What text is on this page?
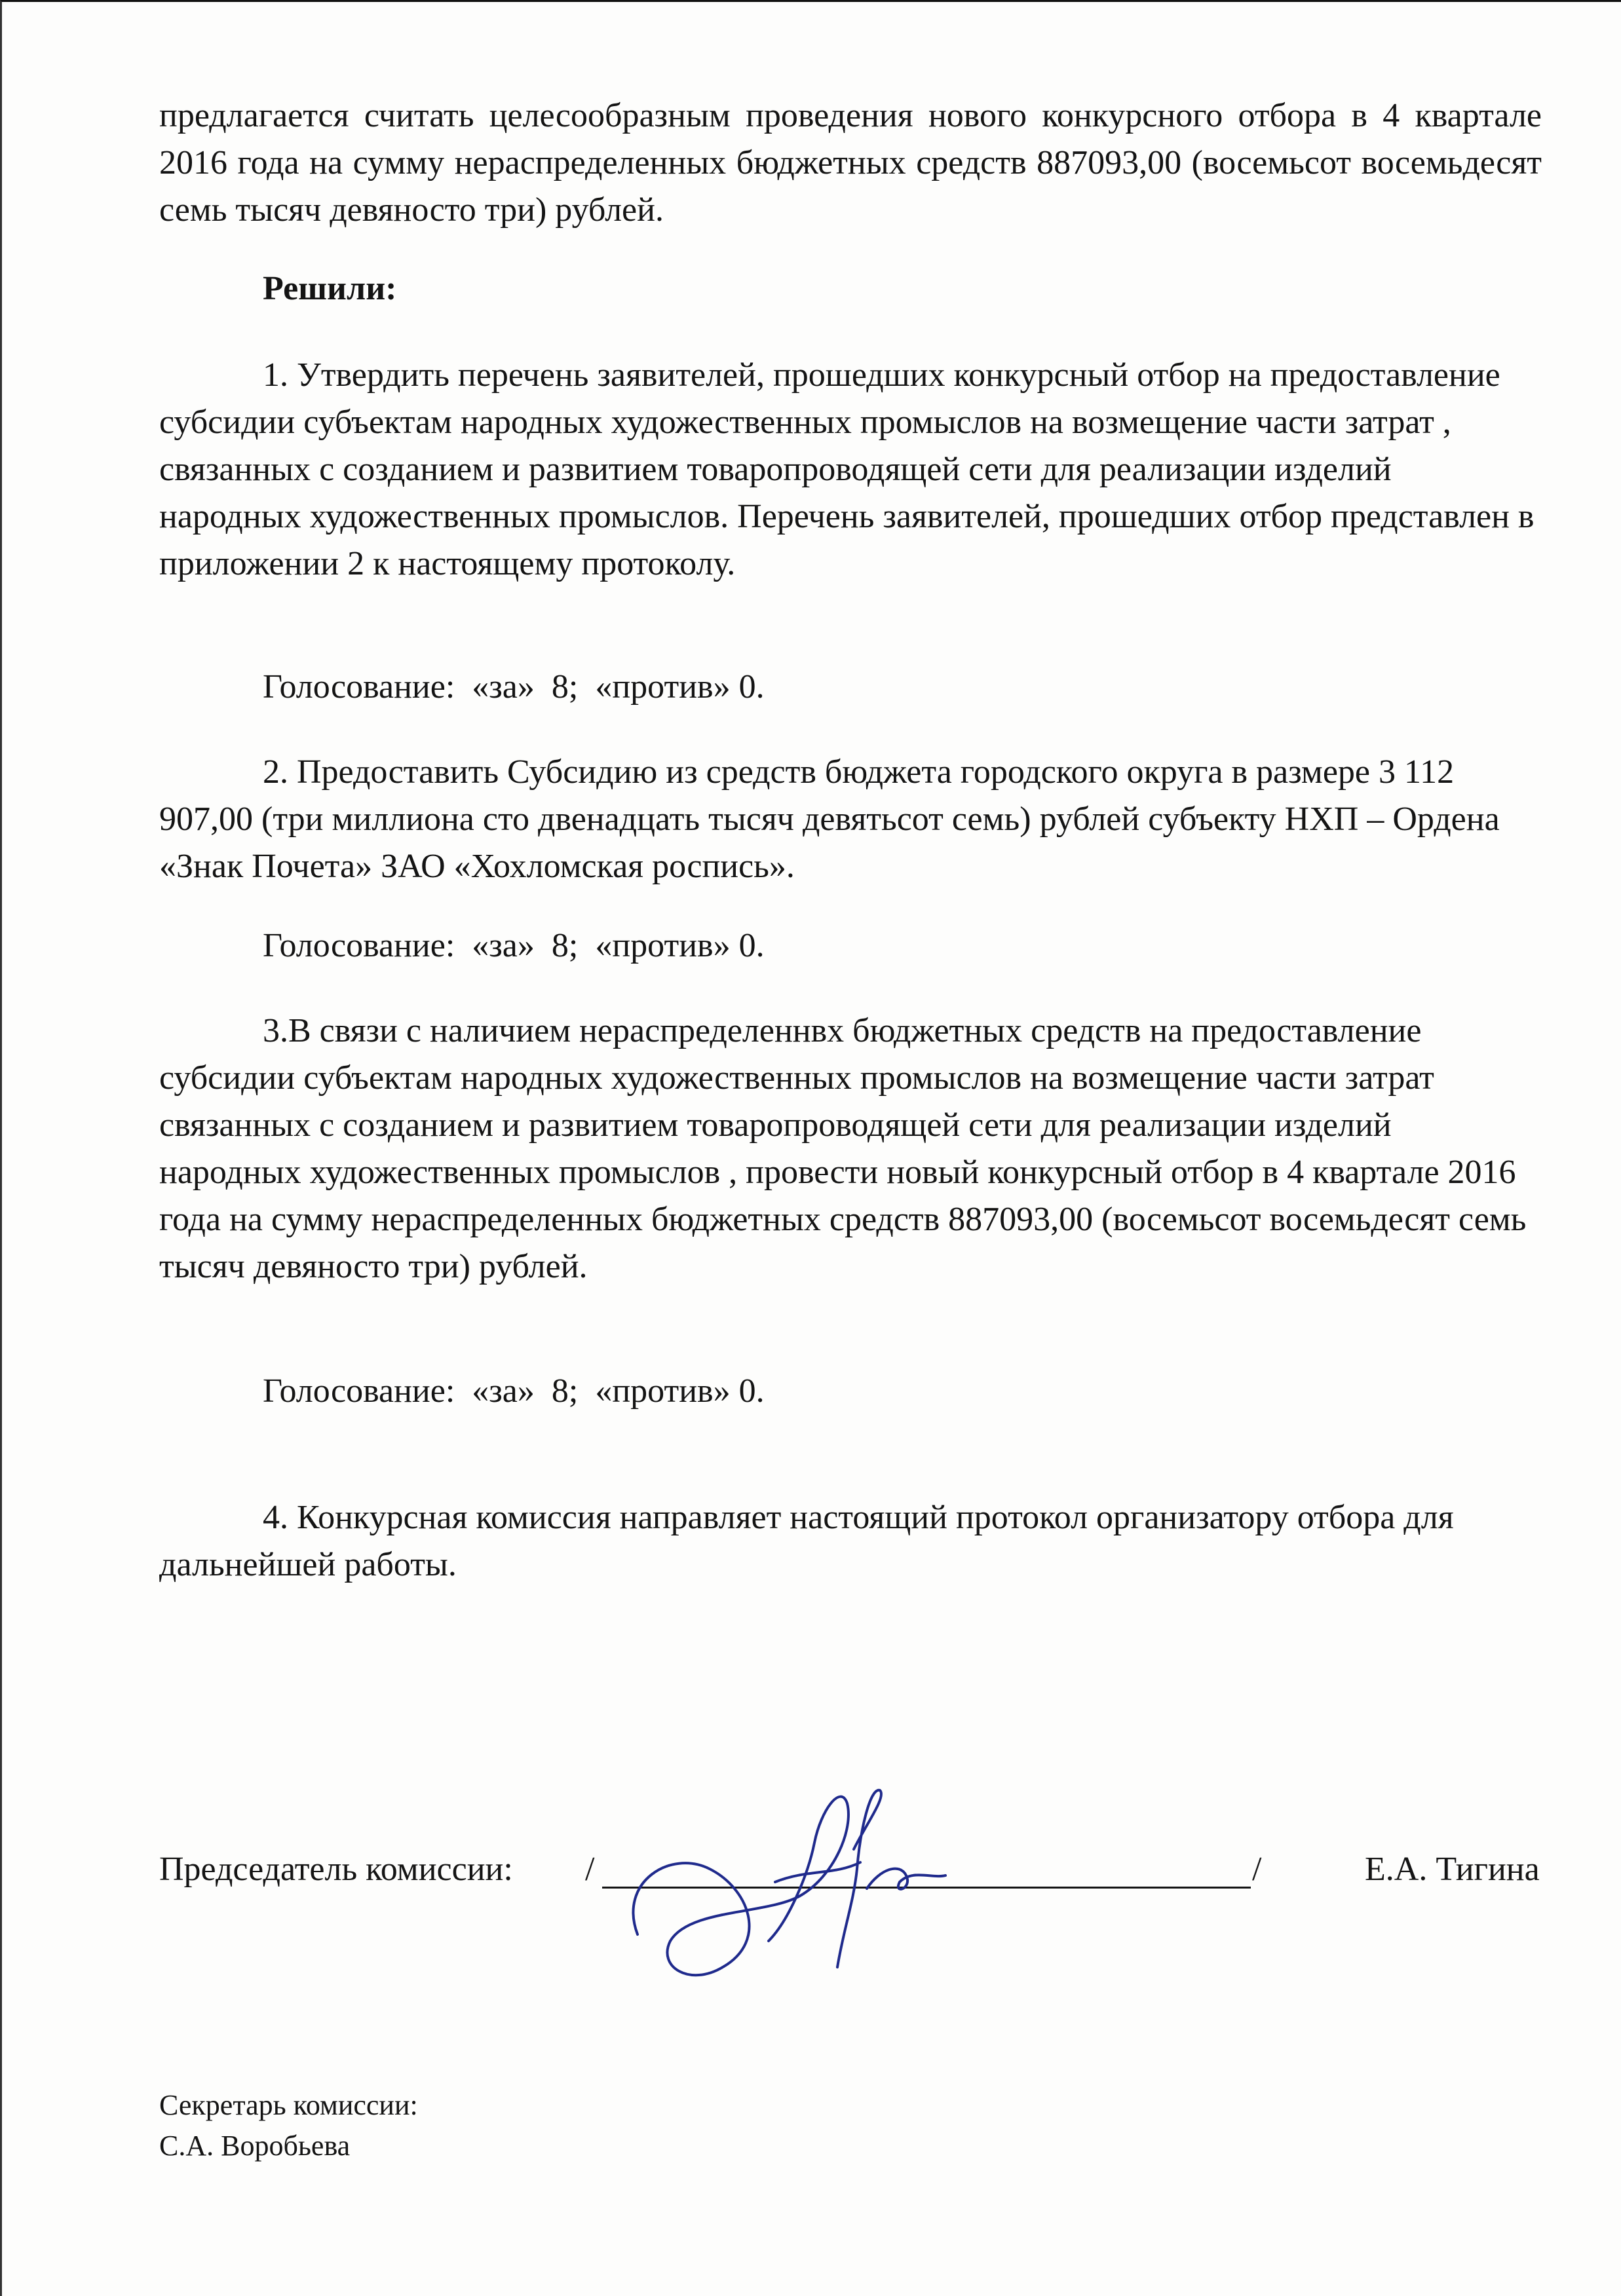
предлагается считать целесообразным проведения нового конкурсного отбора в 4 квартале 2016 года на сумму нераспределенных бюджетных средств 887093,00 (восемьсот восемьдесят семь тысяч девяносто три) рублей.

Решили:

1. Утвердить перечень заявителей, прошедших конкурсный отбор на предоставление субсидии субъектам народных художественных промыслов на возмещение части затрат , связанных с созданием и развитием товаропроводящей сети для реализации изделий народных художественных промыслов. Перечень заявителей, прошедших отбор представлен в приложении 2 к настоящему протоколу.

Голосование:  «за»  8;  «против» 0.

2. Предоставить Субсидию из средств бюджета городского округа в размере 3 112 907,00 (три миллиона сто двенадцать тысяч девятьсот семь) рублей субъекту НХП – Ордена «Знак Почета» ЗАО «Хохломская роспись».

Голосование:  «за»  8;  «против» 0.

3.В связи с наличием нераспределеннвх бюджетных средств на предоставление субсидии субъектам народных художественных промыслов на возмещение части затрат связанных с созданием и развитием товаропроводящей сети для реализации изделий народных художественных промыслов , провести новый конкурсный отбор в 4 квартале 2016 года на сумму нераспределенных бюджетных средств 887093,00 (восемьсот восемьдесят семь тысяч девяносто три) рублей.

Голосование:  «за»  8;  «против» 0.

4. Конкурсная комиссия направляет настоящий протокол организатору отбора для дальнейшей работы.

Председатель комиссии: /	/	Е.А. Тигина
Секретарь комиссии:
С.А. Воробьева
